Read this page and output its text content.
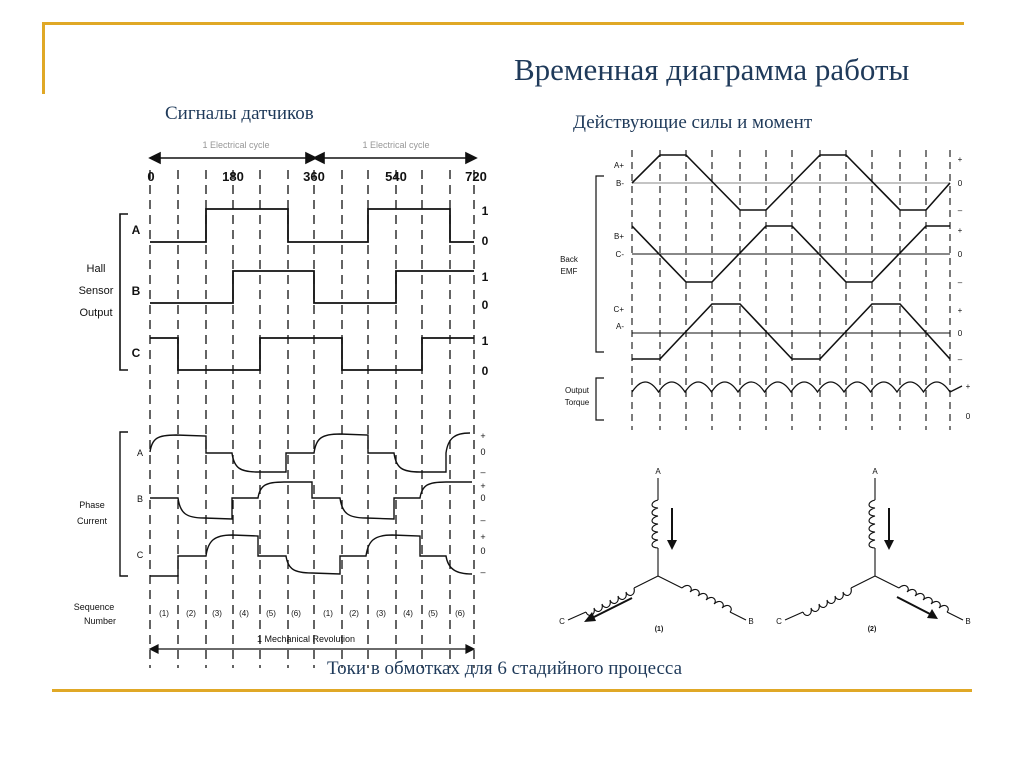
Временная диаграмма работы
Сигналы датчиков	Действующие силы и момент
1 Electrical cycle	1 Electrical cycle
0	180	360	540	720
Hall
Sensor
Output
A
B
C
1
0
1
0
1
0
Phase
Current
A
B
C
+
0
–
+
0
–
+
0
–
Sequence
Number
(1) (2) (3) (4) (5) (6)	(1) (2) (3) (4) (5) (6)
1 Mechanical Revolution
Back
EMF
A+
B-
B+
C-
C+
A-
+
0
–
+
0
–
+
0
–
Output
Torque
+
0
A
C	B
(1)
A
C	B
(2)
Токи в обмотках для 6 стадийного процесса
